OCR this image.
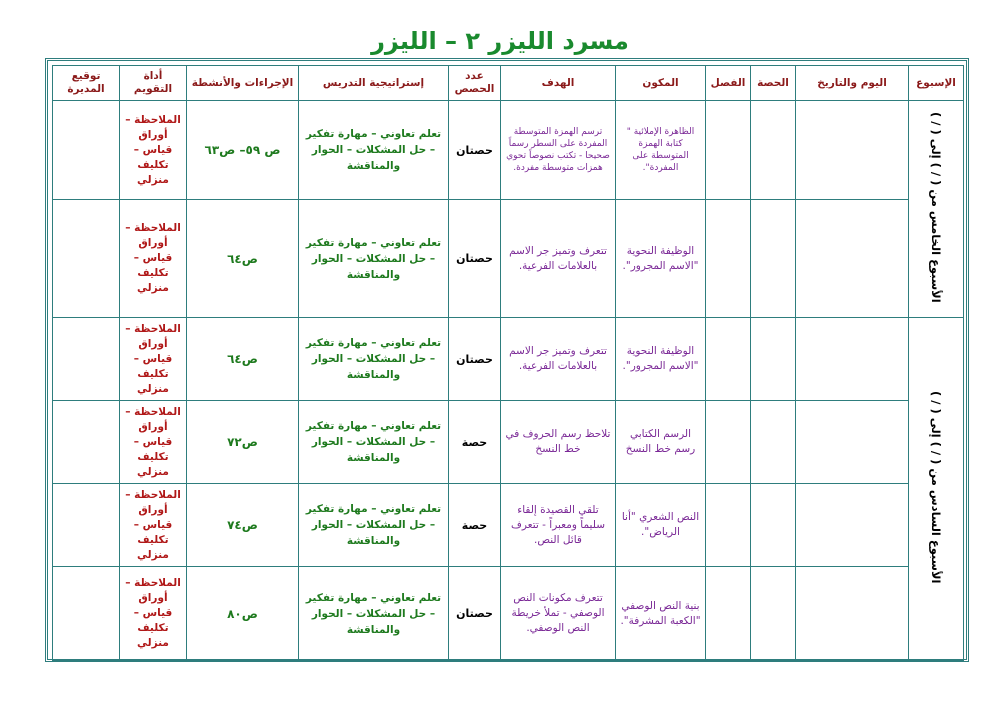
مسرد الليزر ٢ – الليزر
الإسبوع	اليوم والتاريخ	الحصة	الفصل	المكون	الهدف	عدد الحصص	إستراتيجية التدريس	الإجراءات والأنشطة	أداة التقويم	توقيع المديرة
الأسبوع الخامس من ( / ) إلى ( / )				الظاهرة الإملائية " كتابة الهمزة المتوسطة على المفردة".	ترسم الهمزة المتوسطة المفردة على السطر رسماً صحيحا - تكتب نصوصاً تحوي همزات متوسطة مفردة.	حصتان	تعلم تعاوني – مهارة تفكير – حل المشكلات – الحوار والمناقشة	ص ٥٩– ص٦٣	الملاحظة – أوراق قياس – تكليف منزلي	
				الوظيفة النحوية "الاسم المجرور".	تتعرف وتميز جر الاسم بالعلامات الفرعية.	حصتان	تعلم تعاوني – مهارة تفكير – حل المشكلات – الحوار والمناقشة	ص٦٤	الملاحظة – أوراق قياس – تكليف منزلي	
الأسبوع السادس من ( / ) إلى ( / )				الوظيفة النحوية "الاسم المجرور".	تتعرف وتميز جر الاسم بالعلامات الفرعية.	حصتان	تعلم تعاوني – مهارة تفكير – حل المشكلات – الحوار والمناقشة	ص٦٤	الملاحظة – أوراق قياس – تكليف منزلي	
				الرسم الكتابي رسم خط النسخ	تلاحظ رسم الحروف في خط النسخ	حصة	تعلم تعاوني – مهارة تفكير – حل المشكلات – الحوار والمناقشة	ص٧٢	الملاحظة – أوراق قياس – تكليف منزلي	
				النص الشعري "أنا الرياض".	تلقي القصيدة إلقاء سليماً ومعبراً - تتعرف قائل النص.	حصة	تعلم تعاوني – مهارة تفكير – حل المشكلات – الحوار والمناقشة	ص٧٤	الملاحظة – أوراق قياس – تكليف منزلي	
				بنية النص الوصفي "الكعبة المشرفة".	تتعرف مكونات النص الوصفي - تملأ خريطة النص الوصفي.	حصتان	تعلم تعاوني – مهارة تفكير – حل المشكلات – الحوار والمناقشة	ص٨٠	الملاحظة – أوراق قياس – تكليف منزلي	
